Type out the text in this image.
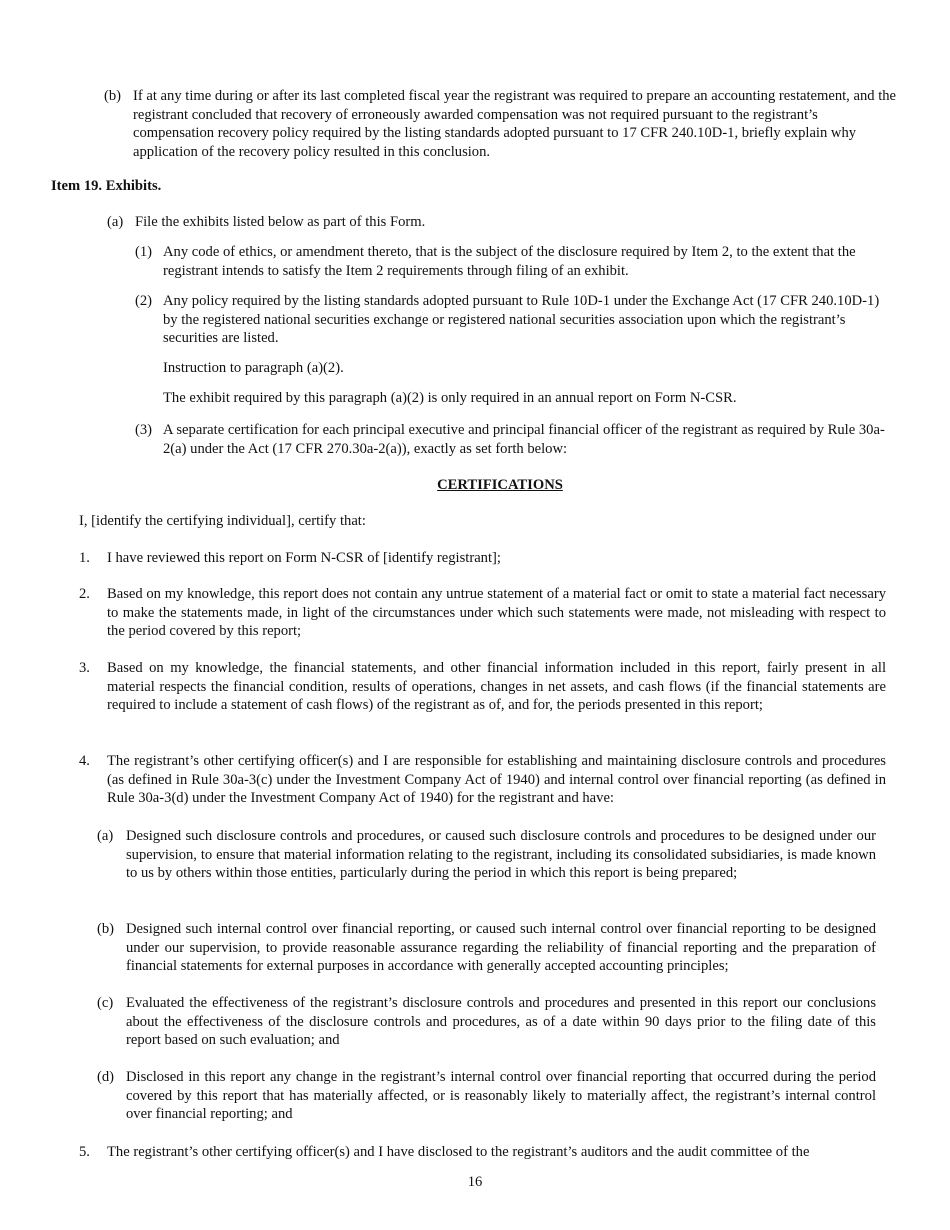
(b) If at any time during or after its last completed fiscal year the registrant was required to prepare an accounting restatement, and the registrant concluded that recovery of erroneously awarded compensation was not required pursuant to the registrant’s compensation recovery policy required by the listing standards adopted pursuant to 17 CFR 240.10D-1, briefly explain why application of the recovery policy resulted in this conclusion.
Item 19. Exhibits.
(a) File the exhibits listed below as part of this Form.
(1) Any code of ethics, or amendment thereto, that is the subject of the disclosure required by Item 2, to the extent that the registrant intends to satisfy the Item 2 requirements through filing of an exhibit.
(2) Any policy required by the listing standards adopted pursuant to Rule 10D-1 under the Exchange Act (17 CFR 240.10D-1) by the registered national securities exchange or registered national securities association upon which the registrant’s securities are listed.
Instruction to paragraph (a)(2).
The exhibit required by this paragraph (a)(2) is only required in an annual report on Form N-CSR.
(3) A separate certification for each principal executive and principal financial officer of the registrant as required by Rule 30a-2(a) under the Act (17 CFR 270.30a-2(a)), exactly as set forth below:
CERTIFICATIONS
I, [identify the certifying individual], certify that:
1.	I have reviewed this report on Form N-CSR of [identify registrant];
2.	Based on my knowledge, this report does not contain any untrue statement of a material fact or omit to state a material fact necessary to make the statements made, in light of the circumstances under which such statements were made, not misleading with respect to the period covered by this report;
3.	Based on my knowledge, the financial statements, and other financial information included in this report, fairly present in all material respects the financial condition, results of operations, changes in net assets, and cash flows (if the financial statements are required to include a statement of cash flows) of the registrant as of, and for, the periods presented in this report;
4.	The registrant’s other certifying officer(s) and I are responsible for establishing and maintaining disclosure controls and procedures (as defined in Rule 30a-3(c) under the Investment Company Act of 1940) and internal control over financial reporting (as defined in Rule 30a-3(d) under the Investment Company Act of 1940) for the registrant and have:
(a) Designed such disclosure controls and procedures, or caused such disclosure controls and procedures to be designed under our supervision, to ensure that material information relating to the registrant, including its consolidated subsidiaries, is made known to us by others within those entities, particularly during the period in which this report is being prepared;
(b) Designed such internal control over financial reporting, or caused such internal control over financial reporting to be designed under our supervision, to provide reasonable assurance regarding the reliability of financial reporting and the preparation of financial statements for external purposes in accordance with generally accepted accounting principles;
(c) Evaluated the effectiveness of the registrant’s disclosure controls and procedures and presented in this report our conclusions about the effectiveness of the disclosure controls and procedures, as of a date within 90 days prior to the filing date of this report based on such evaluation; and
(d) Disclosed in this report any change in the registrant’s internal control over financial reporting that occurred during the period covered by this report that has materially affected, or is reasonably likely to materially affect, the registrant’s internal control over financial reporting; and
5.	The registrant’s other certifying officer(s) and I have disclosed to the registrant’s auditors and the audit committee of the
16
